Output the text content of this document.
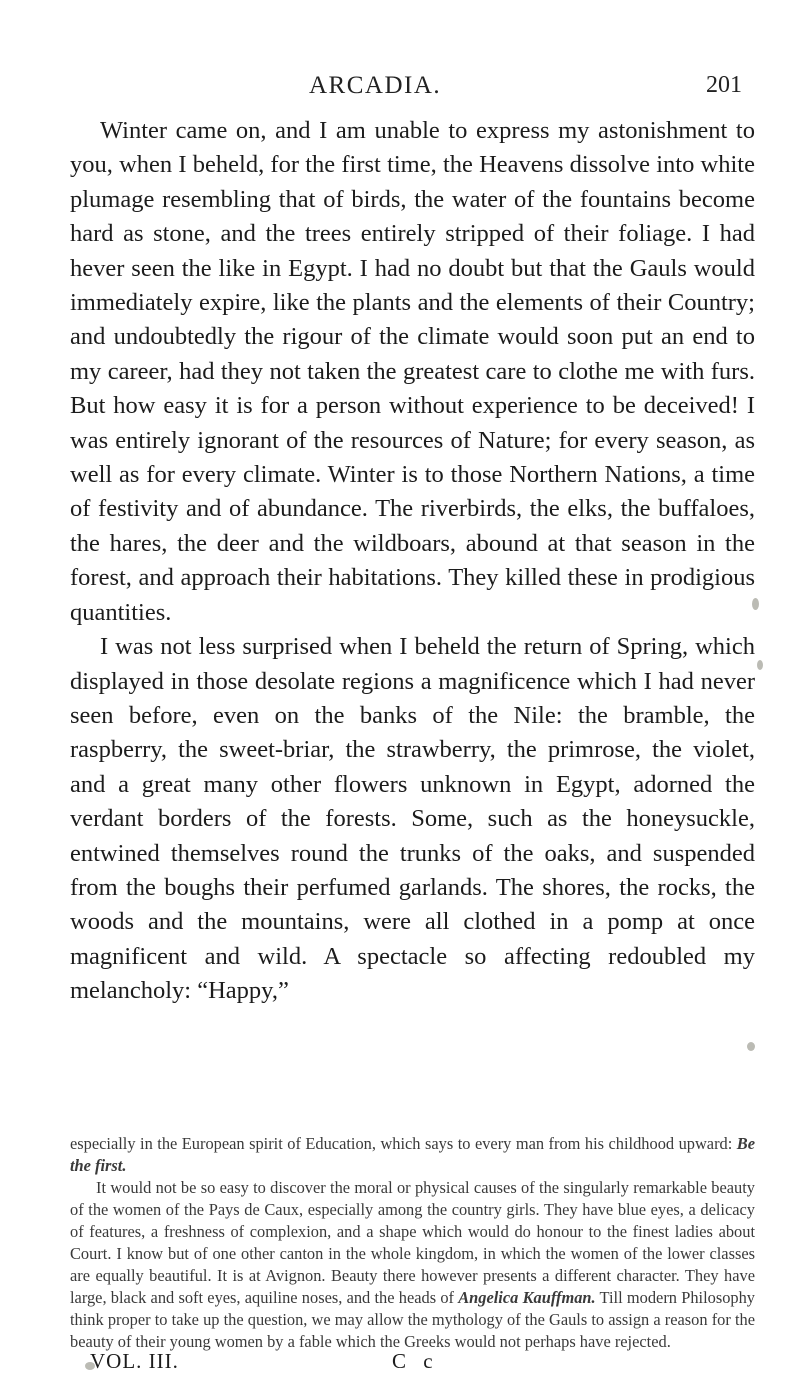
ARCADIA.	201

Winter came on, and I am unable to express my astonishment to you, when I beheld, for the first time, the Heavens dissolve into white plumage resembling that of birds, the water of the fountains become hard as stone, and the trees entirely stripped of their foliage. I had hever seen the like in Egypt. I had no doubt but that the Gauls would immediately expire, like the plants and the elements of their Country; and undoubtedly the rigour of the climate would soon put an end to my career, had they not taken the greatest care to clothe me with furs. But how easy it is for a person without experience to be deceived! I was entirely ignorant of the resources of Nature; for every season, as well as for every climate. Winter is to those Northern Nations, a time of festivity and of abundance. The riverbirds, the elks, the buffaloes, the hares, the deer and the wildboars, abound at that season in the forest, and approach their habitations. They killed these in prodigious quantities.

I was not less surprised when I beheld the return of Spring, which displayed in those desolate regions a magnificence which I had never seen before, even on the banks of the Nile: the bramble, the raspberry, the sweet-briar, the strawberry, the primrose, the violet, and a great many other flowers unknown in Egypt, adorned the verdant borders of the forests. Some, such as the honeysuckle, entwined themselves round the trunks of the oaks, and suspended from the boughs their perfumed garlands. The shores, the rocks, the woods and the mountains, were all clothed in a pomp at once magnificent and wild. A spectacle so affecting redoubled my melancholy: “Happy,”

especially in the European spirit of Education, which says to every man from his childhood upward: Be the first.

It would not be so easy to discover the moral or physical causes of the singularly remarkable beauty of the women of the Pays de Caux, especially among the country girls. They have blue eyes, a delicacy of features, a freshness of complexion, and a shape which would do honour to the finest ladies about Court. I know but of one other canton in the whole kingdom, in which the women of the lower classes are equally beautiful. It is at Avignon. Beauty there however presents a different character. They have large, black and soft eyes, aquiline noses, and the heads of Angelica Kauffman. Till modern Philosophy think proper to take up the question, we may allow the mythology of the Gauls to assign a reason for the beauty of their young women by a fable which the Greeks would not perhaps have rejected.

VOL. III.	C c
